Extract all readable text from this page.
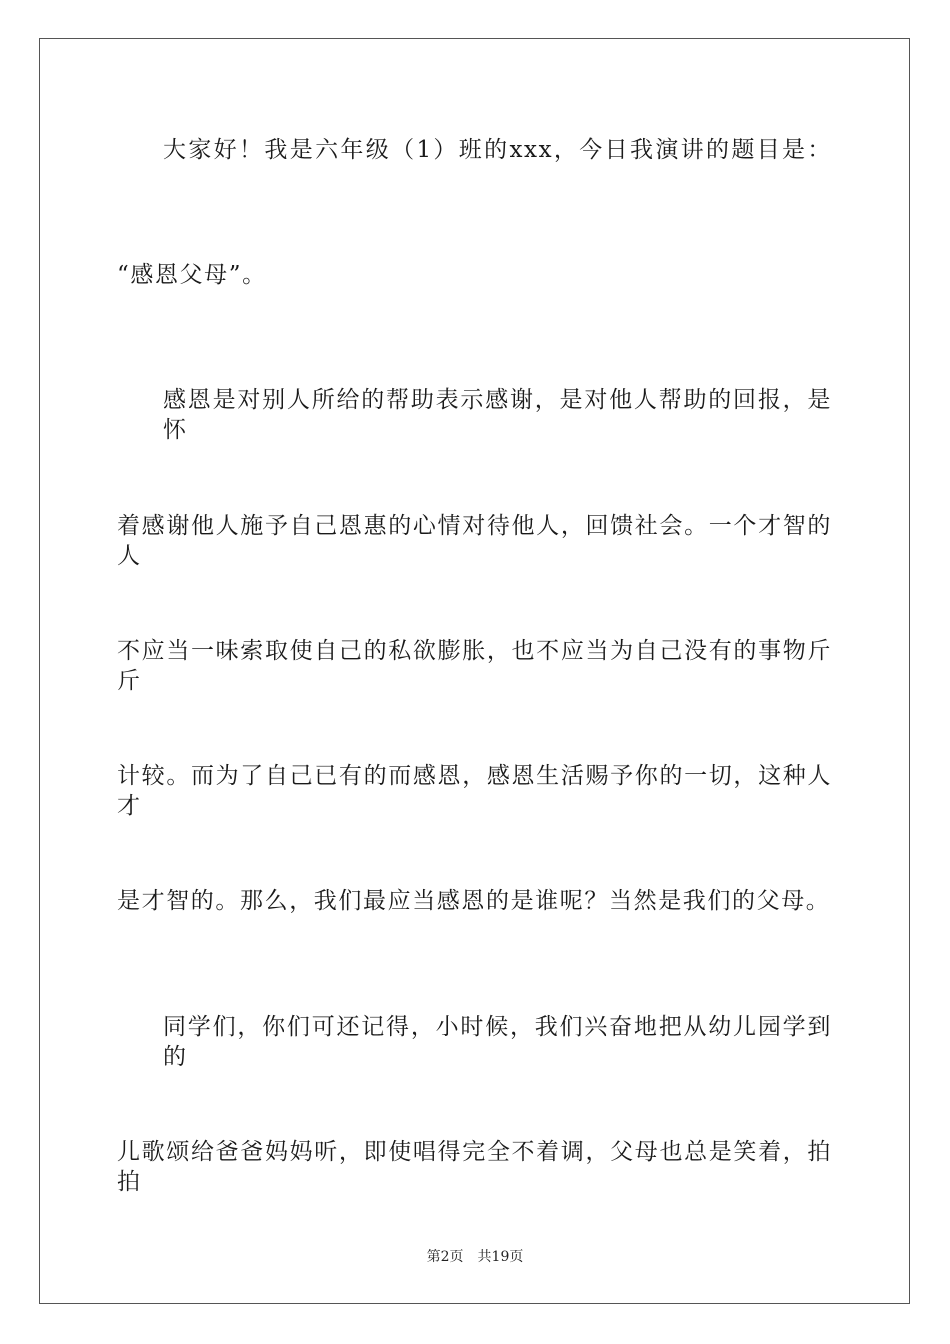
大家好！我是六年级（1）班的xxx，今日我演讲的题目是：
“感恩父母”。
感恩是对别人所给的帮助表示感谢，是对他人帮助的回报，是怀
着感谢他人施予自己恩惠的心情对待他人，回馈社会。一个才智的人
不应当一味索取使自己的私欲膨胀，也不应当为自己没有的事物斤斤
计较。而为了自己已有的而感恩，感恩生活赐予你的一切，这种人才
是才智的。那么，我们最应当感恩的是谁呢？当然是我们的父母。
同学们，你们可还记得，小时候，我们兴奋地把从幼儿园学到的
儿歌颂给爸爸妈妈听，即使唱得完全不着调，父母也总是笑着，拍拍
第2页 共19页
